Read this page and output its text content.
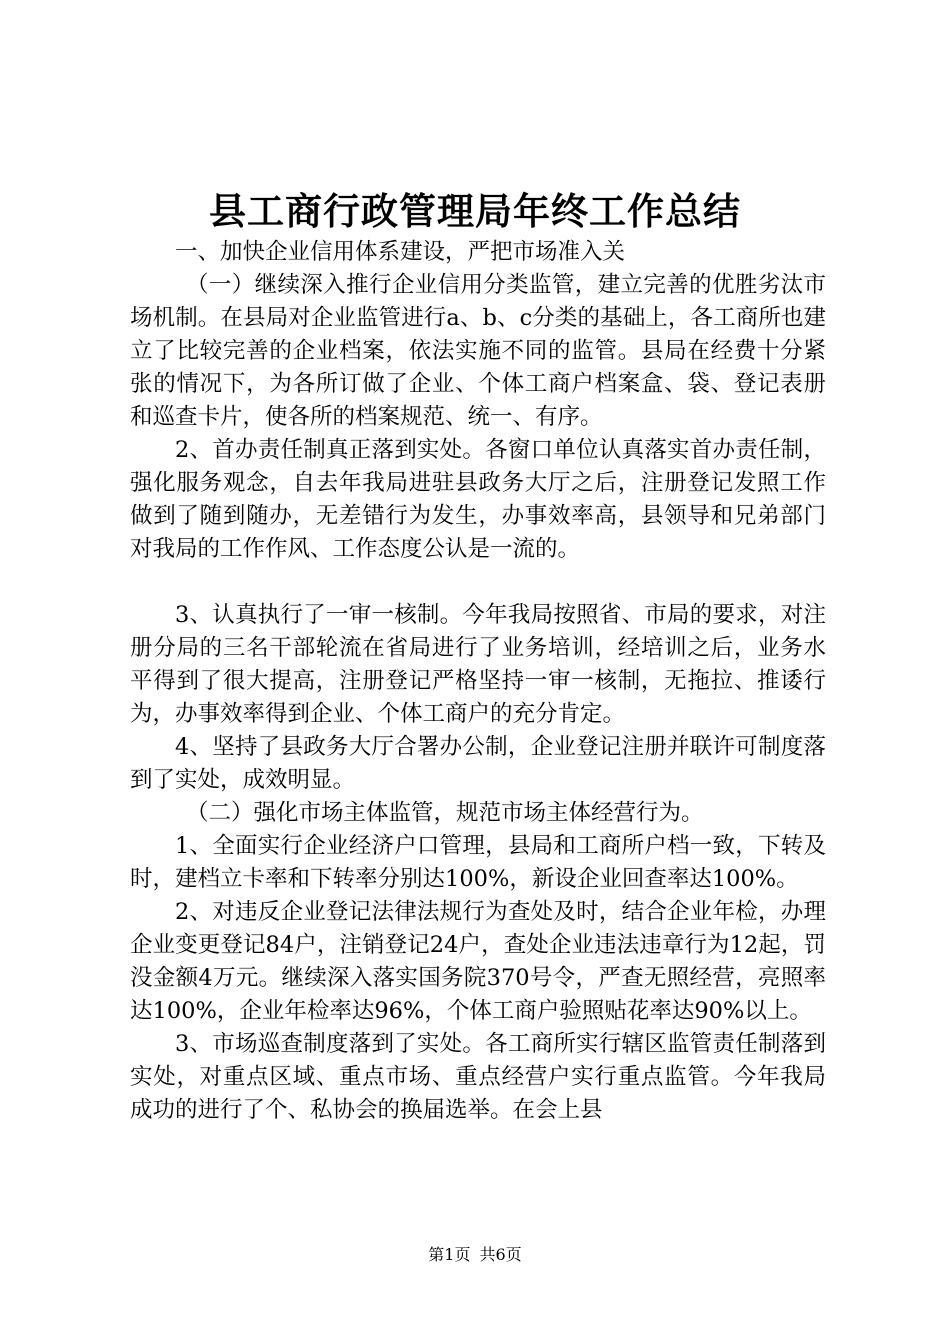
县工商行政管理局年终工作总结

一、加快企业信用体系建设，严把市场准入关

（一）继续深入推行企业信用分类监管，建立完善的优胜劣汰市场机制。在县局对企业监管进行a、b、c分类的基础上，各工商所也建立了比较完善的企业档案，依法实施不同的监管。县局在经费十分紧张的情况下，为各所订做了企业、个体工商户档案盒、袋、登记表册和巡查卡片，使各所的档案规范、统一、有序。

2、首办责任制真正落到实处。各窗口单位认真落实首办责任制，强化服务观念，自去年我局进驻县政务大厅之后，注册登记发照工作做到了随到随办，无差错行为发生，办事效率高，县领导和兄弟部门对我局的工作作风、工作态度公认是一流的。

3、认真执行了一审一核制。今年我局按照省、市局的要求，对注册分局的三名干部轮流在省局进行了业务培训，经培训之后，业务水平得到了很大提高，注册登记严格坚持一审一核制，无拖拉、推诿行为，办事效率得到企业、个体工商户的充分肯定。

4、坚持了县政务大厅合署办公制，企业登记注册并联许可制度落到了实处，成效明显。

（二）强化市场主体监管，规范市场主体经营行为。

1、全面实行企业经济户口管理，县局和工商所户档一致，下转及时，建档立卡率和下转率分别达100%，新设企业回查率达100%。

2、对违反企业登记法律法规行为查处及时，结合企业年检，办理企业变更登记84户，注销登记24户，查处企业违法违章行为12起，罚没金额4万元。继续深入落实国务院370号令，严查无照经营，亮照率达100%，企业年检率达96%，个体工商户验照贴花率达90%以上。

3、市场巡查制度落到了实处。各工商所实行辖区监管责任制落到实处，对重点区域、重点市场、重点经营户实行重点监管。今年我局成功的进行了个、私协会的换届选举。在会上县

第1页 共6页
